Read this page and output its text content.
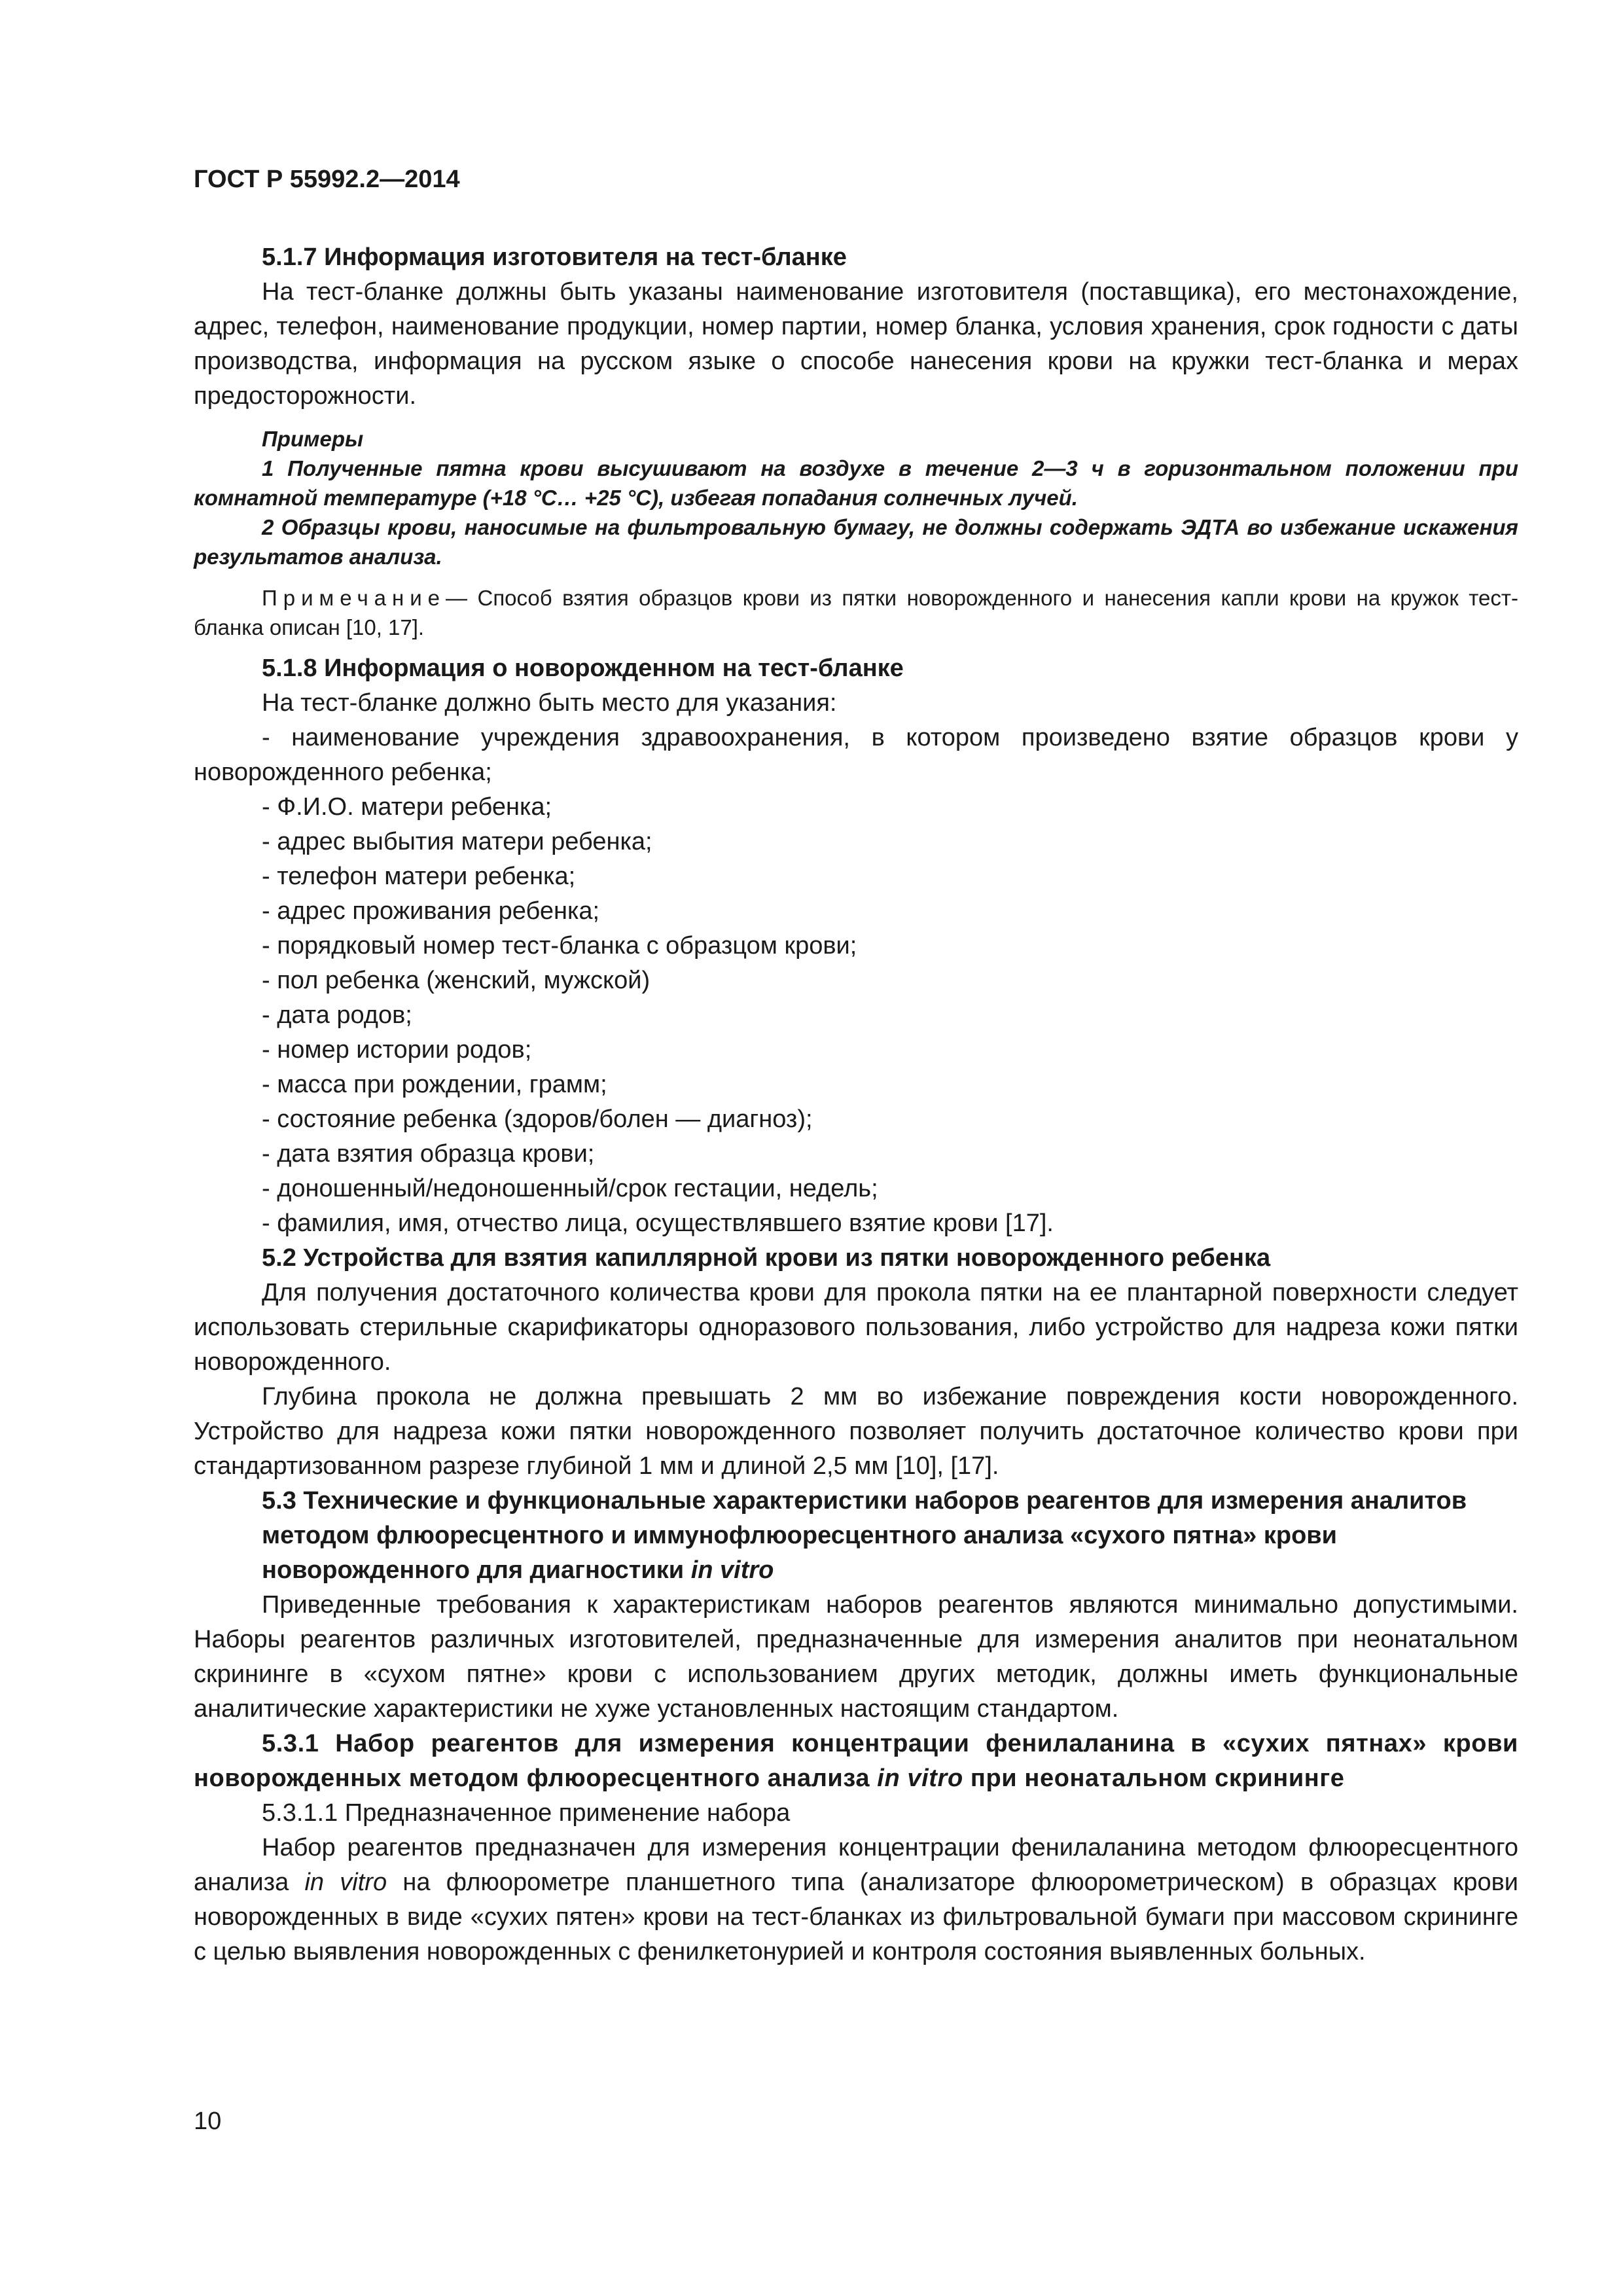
ГОСТ Р 55992.2—2014

5.1.7 Информация изготовителя на тест-бланке

На тест-бланке должны быть указаны наименование изготовителя (поставщика), его местонахождение, адрес, телефон, наименование продукции, номер партии, номер бланка, условия хранения, срок годности с даты производства, информация на русском языке о способе нанесения крови на кружки тест-бланка и мерах предосторожности.

Примеры
1 Полученные пятна крови высушивают на воздухе в течение 2—3 ч в горизонтальном положении при комнатной температуре (+18 °C… +25 °C), избегая попадания солнечных лучей.
2 Образцы крови, наносимые на фильтровальную бумагу, не должны содержать ЭДТА во избежание искажения результатов анализа.
Примечание— Способ взятия образцов крови из пятки новорожденного и нанесения капли крови на кружок тест-бланка описан [10, 17].

5.1.8 Информация о новорожденном на тест-бланке

На тест-бланке должно быть место для указания:

- наименование учреждения здравоохранения, в котором произведено взятие образцов крови у новорожденного ребенка;
- Ф.И.О. матери ребенка;
- адрес выбытия матери ребенка;
- телефон матери ребенка;
- адрес проживания ребенка;
- порядковый номер тест-бланка с образцом крови;
- пол ребенка (женский, мужской)
- дата родов;
- номер истории родов;
- масса при рождении, грамм;
- состояние ребенка (здоров/болен — диагноз);
- дата взятия образца крови;
- доношенный/недоношенный/срок гестации, недель;
- фамилия, имя, отчество лица, осуществлявшего взятие крови [17].

5.2 Устройства для взятия капиллярной крови из пятки новорожденного ребенка

Для получения достаточного количества крови для прокола пятки на ее плантарной поверхности следует использовать стерильные скарификаторы одноразового пользования, либо устройство для надреза кожи пятки новорожденного.

Глубина прокола не должна превышать 2 мм во избежание повреждения кости новорожденного. Устройство для надреза кожи пятки новорожденного позволяет получить достаточное количество крови при стандартизованном разрезе глубиной 1 мм и длиной 2,5 мм [10], [17].

5.3 Технические и функциональные характеристики наборов реагентов для измерения аналитов методом флюоресцентного и иммунофлюоресцентного анализа «сухого пятна» крови новорожденного для диагностики in vitro

Приведенные требования к характеристикам наборов реагентов являются минимально допустимыми. Наборы реагентов различных изготовителей, предназначенные для измерения аналитов при неонатальном скрининге в «сухом пятне» крови с использованием других методик, должны иметь функциональные аналитические характеристики не хуже установленных настоящим стандартом.

5.3.1 Набор реагентов для измерения концентрации фенилаланина в «сухих пятнах» крови новорожденных методом флюоресцентного анализа in vitro при неонатальном скрининге

5.3.1.1 Предназначенное применение набора

Набор реагентов предназначен для измерения концентрации фенилаланина методом флюоресцентного анализа in vitro на флюорометре планшетного типа (анализаторе флюорометрическом) в образцах крови новорожденных в виде «сухих пятен» крови на тест-бланках из фильтровальной бумаги при массовом скрининге с целью выявления новорожденных с фенилкетонурией и контроля состояния выявленных больных.

10
